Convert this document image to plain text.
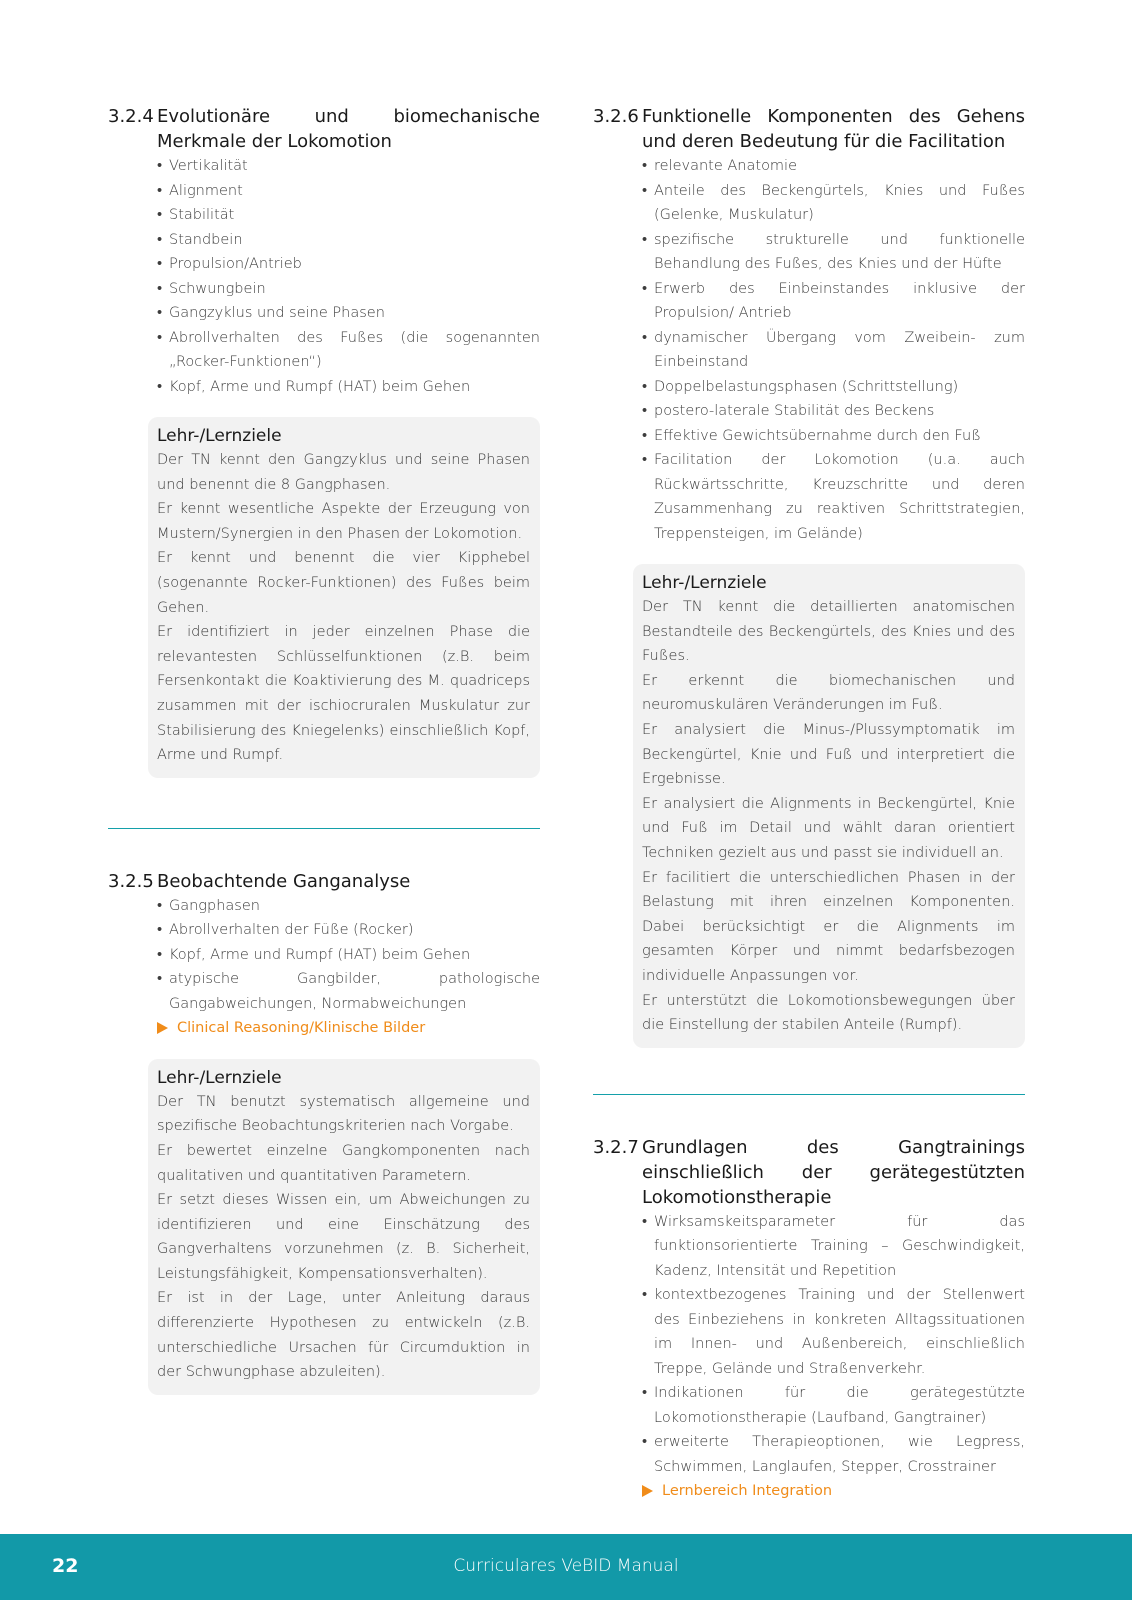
3.2.4 Evolutionäre und biomechanische Merkmale der Lokomotion
• Vertikalität
• Alignment
• Stabilität
• Standbein
• Propulsion/Antrieb
• Schwungbein
• Gangzyklus und seine Phasen
• Abrollverhalten des Fußes (die sogenannten „Rocker-Funktionen“)
• Kopf, Arme und Rumpf (HAT) beim Gehen
Lehr-/Lernziele

Der TN kennt den Gangzyklus und seine Phasen und benennt die 8 Gangphasen.

Er kennt wesentliche Aspekte der Erzeugung von Mustern/Synergien in den Phasen der Lokomotion.

Er kennt und benennt die vier Kipphebel (sogenannte Rocker-Funktionen) des Fußes beim Gehen.

Er identifiziert in jeder einzelnen Phase die relevantesten Schlüsselfunktionen (z.B. beim Fersenkontakt die Koaktivierung des M. quadriceps zusammen mit der ischiocruralen Muskulatur zur Stabilisierung des Kniegelenks) einschließlich Kopf, Arme und Rumpf.

3.2.5 Beobachtende Ganganalyse
• Gangphasen
• Abrollverhalten der Füße (Rocker)
• Kopf, Arme und Rumpf (HAT) beim Gehen
• atypische Gangbilder, pathologische Gangabweichungen, Normabweichungen
Clinical Reasoning/Klinische Bilder
Lehr-/Lernziele

Der TN benutzt systematisch allgemeine und spezifische Beobachtungskriterien nach Vorgabe.

Er bewertet einzelne Gangkomponenten nach qualitativen und quantitativen Parametern.

Er setzt dieses Wissen ein, um Abweichungen zu identifizieren und eine Einschätzung des Gangverhaltens vorzunehmen (z. B. Sicherheit, Leistungsfähigkeit, Kompensationsverhalten).

Er ist in der Lage, unter Anleitung daraus differenzierte Hypothesen zu entwickeln (z.B. unterschiedliche Ursachen für Circumduktion in der Schwungphase abzuleiten).

3.2.6 Funktionelle Komponenten des Gehens und deren Bedeutung für die Facilitation
• relevante Anatomie
• Anteile des Beckengürtels, Knies und Fußes (Gelenke, Muskulatur)
• spezifische strukturelle und funktionelle Behandlung des Fußes, des Knies und der Hüfte
• Erwerb des Einbeinstandes inklusive der Propulsion/ Antrieb
• dynamischer Übergang vom Zweibein- zum Einbeinstand
• Doppelbelastungsphasen (Schrittstellung)
• postero-laterale Stabilität des Beckens
• Effektive Gewichtsübernahme durch den Fuß
• Facilitation der Lokomotion (u.a. auch Rückwärtsschritte, Kreuzschritte und deren Zusammenhang zu reaktiven Schrittstrategien, Treppensteigen, im Gelände)
Lehr-/Lernziele

Der TN kennt die detaillierten anatomischen Bestandteile des Beckengürtels, des Knies und des Fußes.

Er erkennt die biomechanischen und neuromuskulären Veränderungen im Fuß.

Er analysiert die Minus-/Plussymptomatik im Beckengürtel, Knie und Fuß und interpretiert die Ergebnisse.

Er analysiert die Alignments in Beckengürtel, Knie und Fuß im Detail und wählt daran orientiert Techniken gezielt aus und passt sie individuell an.

Er facilitiert die unterschiedlichen Phasen in der Belastung mit ihren einzelnen Komponenten. Dabei berücksichtigt er die Alignments im gesamten Körper und nimmt bedarfsbezogen individuelle Anpassungen vor.

Er unterstützt die Lokomotionsbewegungen über die Einstellung der stabilen Anteile (Rumpf).

3.2.7 Grundlagen des Gangtrainings einschließlich der gerätegestützten Lokomotionstherapie
• Wirksamskeitsparameter für das funktionsorientierte Training – Geschwindigkeit, Kadenz, Intensität und Repetition
• kontextbezogenes Training und der Stellenwert des Einbeziehens in konkreten Alltagssituationen im Innen- und Außenbereich, einschließlich Treppe, Gelände und Straßenverkehr.
• Indikationen für die gerätegestützte Lokomotionstherapie (Laufband, Gangtrainer)
• erweiterte Therapieoptionen, wie Legpress, Schwimmen, Langlaufen, Stepper, Crosstrainer
Lernbereich Integration
22	Curriculares VeBID Manual
